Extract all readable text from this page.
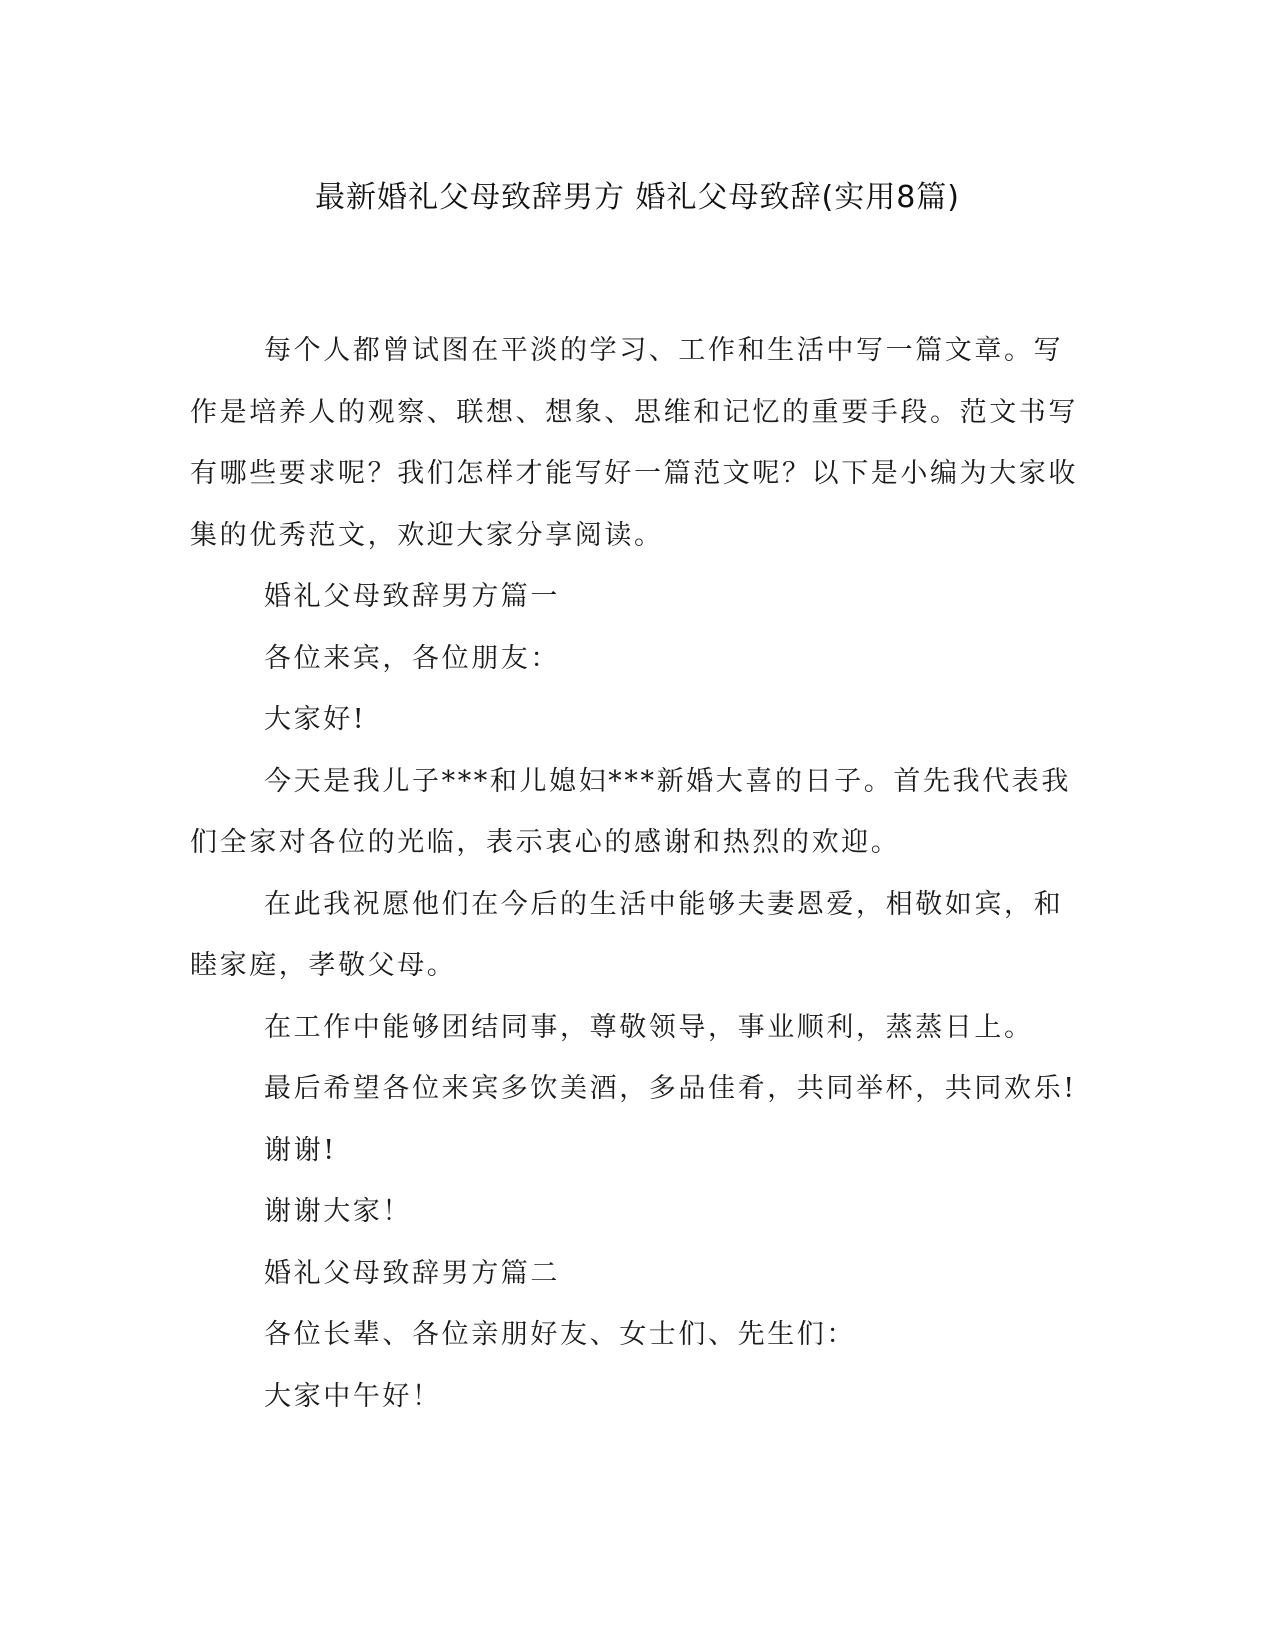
最新婚礼父母致辞男方 婚礼父母致辞(实用8篇)

每个人都曾试图在平淡的学习、工作和生活中写一篇文章。写作是培养人的观察、联想、想象、思维和记忆的重要手段。范文书写有哪些要求呢？我们怎样才能写好一篇范文呢？以下是小编为大家收集的优秀范文，欢迎大家分享阅读。

婚礼父母致辞男方篇一

各位来宾，各位朋友：

大家好!

今天是我儿子***和儿媳妇***新婚大喜的日子。首先我代表我们全家对各位的光临，表示衷心的感谢和热烈的欢迎。

在此我祝愿他们在今后的生活中能够夫妻恩爱，相敬如宾，和睦家庭，孝敬父母。

在工作中能够团结同事，尊敬领导，事业顺利，蒸蒸日上。

最后希望各位来宾多饮美酒，多品佳肴，共同举杯，共同欢乐!

谢谢!

谢谢大家！

婚礼父母致辞男方篇二

各位长辈、各位亲朋好友、女士们、先生们：

大家中午好！
